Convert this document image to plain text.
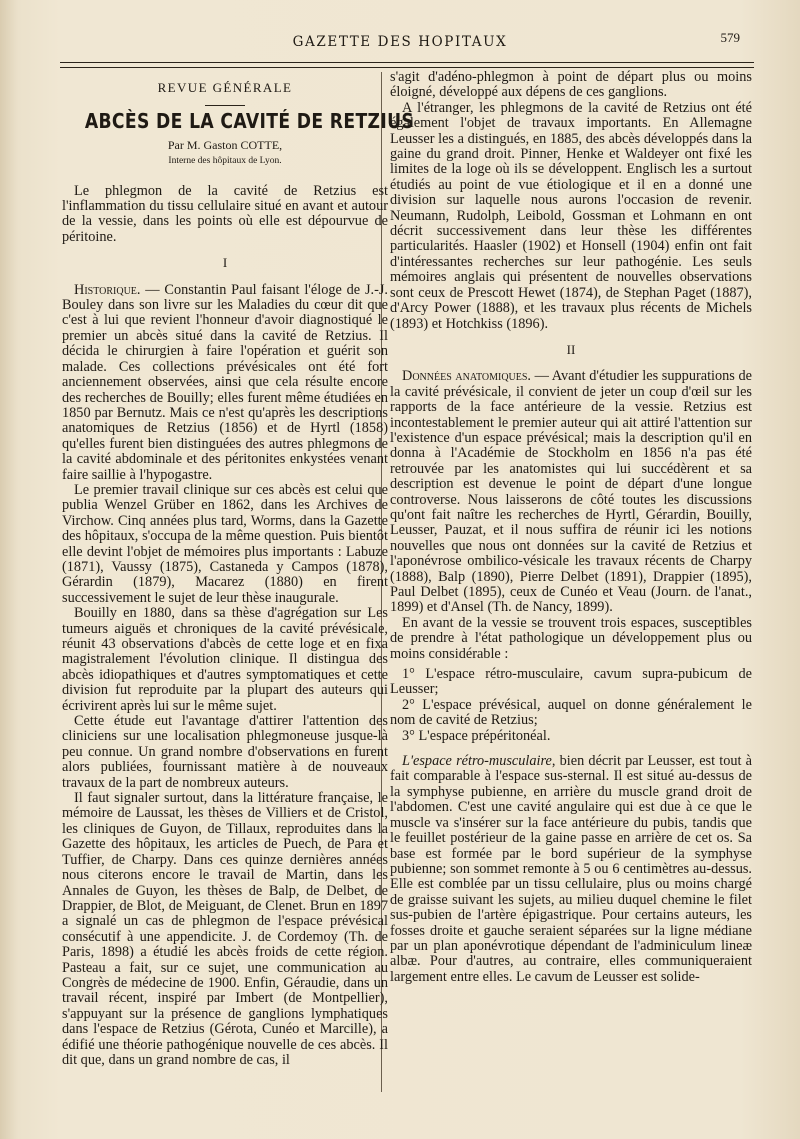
GAZETTE DES HOPITAUX	579
REVUE GÉNÉRALE
ABCÈS DE LA CAVITÉ DE RETZIUS
Par M. Gaston COTTE,
Interne des hôpitaux de Lyon.

Le phlegmon de la cavité de Retzius est l'inflammation du tissu cellulaire situé en avant et autour de la vessie, dans les points où elle est dépourvue de péritoine.

I

Historique. — Constantin Paul faisant l'éloge de J.-J. Bouley dans son livre sur les Maladies du cœur dit que c'est à lui que revient l'honneur d'avoir diagnostiqué le premier un abcès situé dans la cavité de Retzius. Il décida le chirurgien à faire l'opération et guérit son malade. Ces collections prévésicales ont été fort anciennement observées, ainsi que cela résulte encore des recherches de Bouilly; elles furent même étudiées en 1850 par Bernutz. Mais ce n'est qu'après les descriptions anatomiques de Retzius (1856) et de Hyrtl (1858) qu'elles furent bien distinguées des autres phlegmons de la cavité abdominale et des péritonites enkystées venant faire saillie à l'hypogastre.

Le premier travail clinique sur ces abcès est celui que publia Wenzel Grüber en 1862, dans les Archives de Virchow. Cinq années plus tard, Worms, dans la Gazette des hôpitaux, s'occupa de la même question. Puis bientôt elle devint l'objet de mémoires plus importants : Labuze (1871), Vaussy (1875), Castaneda y Campos (1878), Gérardin (1879), Macarez (1880) en firent successivement le sujet de leur thèse inaugurale.

Bouilly en 1880, dans sa thèse d'agrégation sur Les tumeurs aiguës et chroniques de la cavité prévésicale, réunit 43 observations d'abcès de cette loge et en fixa magistralement l'évolution clinique. Il distingua des abcès idiopathiques et d'autres symptomatiques et cette division fut reproduite par la plupart des auteurs qui écrivirent après lui sur le même sujet.

Cette étude eut l'avantage d'attirer l'attention des cliniciens sur une localisation phlegmoneuse jusque-là peu connue. Un grand nombre d'observations en furent alors publiées, fournissant matière à de nouveaux travaux de la part de nombreux auteurs.

Il faut signaler surtout, dans la littérature française, le mémoire de Laussat, les thèses de Villiers et de Cristol, les cliniques de Guyon, de Tillaux, reproduites dans la Gazette des hôpitaux, les articles de Puech, de Para et Tuffier, de Charpy. Dans ces quinze dernières années nous citerons encore le travail de Martin, dans les Annales de Guyon, les thèses de Balp, de Delbet, de Drappier, de Blot, de Meiguant, de Clenet. Brun en 1897 a signalé un cas de phlegmon de l'espace prévésical consécutif à une appendicite. J. de Cordemoy (Th. de Paris, 1898) a étudié les abcès froids de cette région. Pasteau a fait, sur ce sujet, une communication au Congrès de médecine de 1900. Enfin, Géraudie, dans un travail récent, inspiré par Imbert (de Montpellier), s'appuyant sur la présence de ganglions lymphatiques dans l'espace de Retzius (Gérota, Cunéo et Marcille), a édifié une théorie pathogénique nouvelle de ces abcès. Il dit que, dans un grand nombre de cas, il

s'agit d'adéno-phlegmon à point de départ plus ou moins éloigné, développé aux dépens de ces ganglions.

A l'étranger, les phlegmons de la cavité de Retzius ont été également l'objet de travaux importants. En Allemagne Leusser les a distingués, en 1885, des abcès développés dans la gaine du grand droit. Pinner, Henke et Waldeyer ont fixé les limites de la loge où ils se développent. Englisch les a surtout étudiés au point de vue étiologique et il en a donné une division sur laquelle nous aurons l'occasion de revenir. Neumann, Rudolph, Leibold, Gossman et Lohmann en ont décrit successivement dans leur thèse les différentes particularités. Haasler (1902) et Honsell (1904) enfin ont fait d'intéressantes recherches sur leur pathogénie. Les seuls mémoires anglais qui présentent de nouvelles observations sont ceux de Prescott Hewet (1874), de Stephan Paget (1887), d'Arcy Power (1888), et les travaux plus récents de Michels (1893) et Hotchkiss (1896).

II

Données anatomiques. — Avant d'étudier les suppurations de la cavité prévésicale, il convient de jeter un coup d'œil sur les rapports de la face antérieure de la vessie. Retzius est incontestablement le premier auteur qui ait attiré l'attention sur l'existence d'un espace prévésical; mais la description qu'il en donna à l'Académie de Stockholm en 1856 n'a pas été retrouvée par les anatomistes qui lui succédèrent et sa description est devenue le point de départ d'une longue controverse. Nous laisserons de côté toutes les discussions qu'ont fait naître les recherches de Hyrtl, Gérardin, Bouilly, Leusser, Pauzat, et il nous suffira de réunir ici les notions nouvelles que nous ont données sur la cavité de Retzius et l'aponévrose ombilico-vésicale les travaux récents de Charpy (1888), Balp (1890), Pierre Delbet (1891), Drappier (1895), Paul Delbet (1895), ceux de Cunéo et Veau (Journ. de l'anat., 1899) et d'Ansel (Th. de Nancy, 1899).

En avant de la vessie se trouvent trois espaces, susceptibles de prendre à l'état pathologique un développement plus ou moins considérable :

1° L'espace rétro-musculaire, cavum supra-pubicum de Leusser;

2° L'espace prévésical, auquel on donne généralement le nom de cavité de Retzius;

3° L'espace prépéritonéal.

L'espace rétro-musculaire, bien décrit par Leusser, est tout à fait comparable à l'espace sus-sternal. Il est situé au-dessus de la symphyse pubienne, en arrière du muscle grand droit de l'abdomen. C'est une cavité angulaire qui est due à ce que le muscle va s'insérer sur la face antérieure du pubis, tandis que le feuillet postérieur de la gaine passe en arrière de cet os. Sa base est formée par le bord supérieur de la symphyse pubienne; son sommet remonte à 5 ou 6 centimètres au-dessus. Elle est comblée par un tissu cellulaire, plus ou moins chargé de graisse suivant les sujets, au milieu duquel chemine le filet sus-pubien de l'artère épigastrique. Pour certains auteurs, les fosses droite et gauche seraient séparées sur la ligne médiane par un plan aponévrotique dépendant de l'adminiculum lineæ albæ. Pour d'autres, au contraire, elles communiqueraient largement entre elles. Le cavum de Leusser est solide-
